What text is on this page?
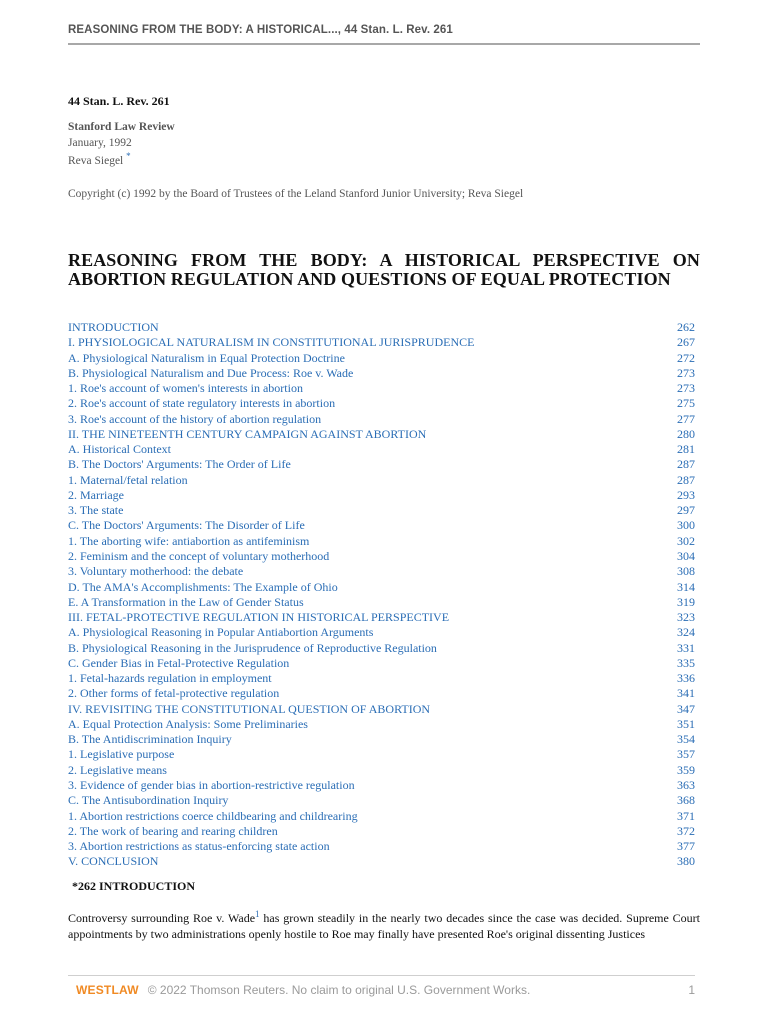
REASONING FROM THE BODY: A HISTORICAL..., 44 Stan. L. Rev. 261
44 Stan. L. Rev. 261
Stanford Law Review
January, 1992
Reva Siegel *
Copyright (c) 1992 by the Board of Trustees of the Leland Stanford Junior University; Reva Siegel
REASONING FROM THE BODY: A HISTORICAL PERSPECTIVE ON ABORTION REGULATION AND QUESTIONS OF EQUAL PROTECTION
INTRODUCTION	262
I. PHYSIOLOGICAL NATURALISM IN CONSTITUTIONAL JURISPRUDENCE	267
A. Physiological Naturalism in Equal Protection Doctrine	272
B. Physiological Naturalism and Due Process: Roe v. Wade	273
1. Roe's account of women's interests in abortion	273
2. Roe's account of state regulatory interests in abortion	275
3. Roe's account of the history of abortion regulation	277
II. THE NINETEENTH CENTURY CAMPAIGN AGAINST ABORTION	280
A. Historical Context	281
B. The Doctors' Arguments: The Order of Life	287
1. Maternal/fetal relation	287
2. Marriage	293
3. The state	297
C. The Doctors' Arguments: The Disorder of Life	300
1. The aborting wife: antiabortion as antifeminism	302
2. Feminism and the concept of voluntary motherhood	304
3. Voluntary motherhood: the debate	308
D. The AMA's Accomplishments: The Example of Ohio	314
E. A Transformation in the Law of Gender Status	319
III. FETAL-PROTECTIVE REGULATION IN HISTORICAL PERSPECTIVE	323
A. Physiological Reasoning in Popular Antiabortion Arguments	324
B. Physiological Reasoning in the Jurisprudence of Reproductive Regulation	331
C. Gender Bias in Fetal-Protective Regulation	335
1. Fetal-hazards regulation in employment	336
2. Other forms of fetal-protective regulation	341
IV. REVISITING THE CONSTITUTIONAL QUESTION OF ABORTION	347
A. Equal Protection Analysis: Some Preliminaries	351
B. The Antidiscrimination Inquiry	354
1. Legislative purpose	357
2. Legislative means	359
3. Evidence of gender bias in abortion-restrictive regulation	363
C. The Antisubordination Inquiry	368
1. Abortion restrictions coerce childbearing and childrearing	371
2. The work of bearing and rearing children	372
3. Abortion restrictions as status-enforcing state action	377
V. CONCLUSION	380
*262 INTRODUCTION

Controversy surrounding Roe v. Wade$^1$ has grown steadily in the nearly two decades since the case was decided. Supreme Court appointments by two administrations openly hostile to Roe may finally have presented Roe's original dissenting Justices

WESTLAW © 2022 Thomson Reuters. No claim to original U.S. Government Works.	1
